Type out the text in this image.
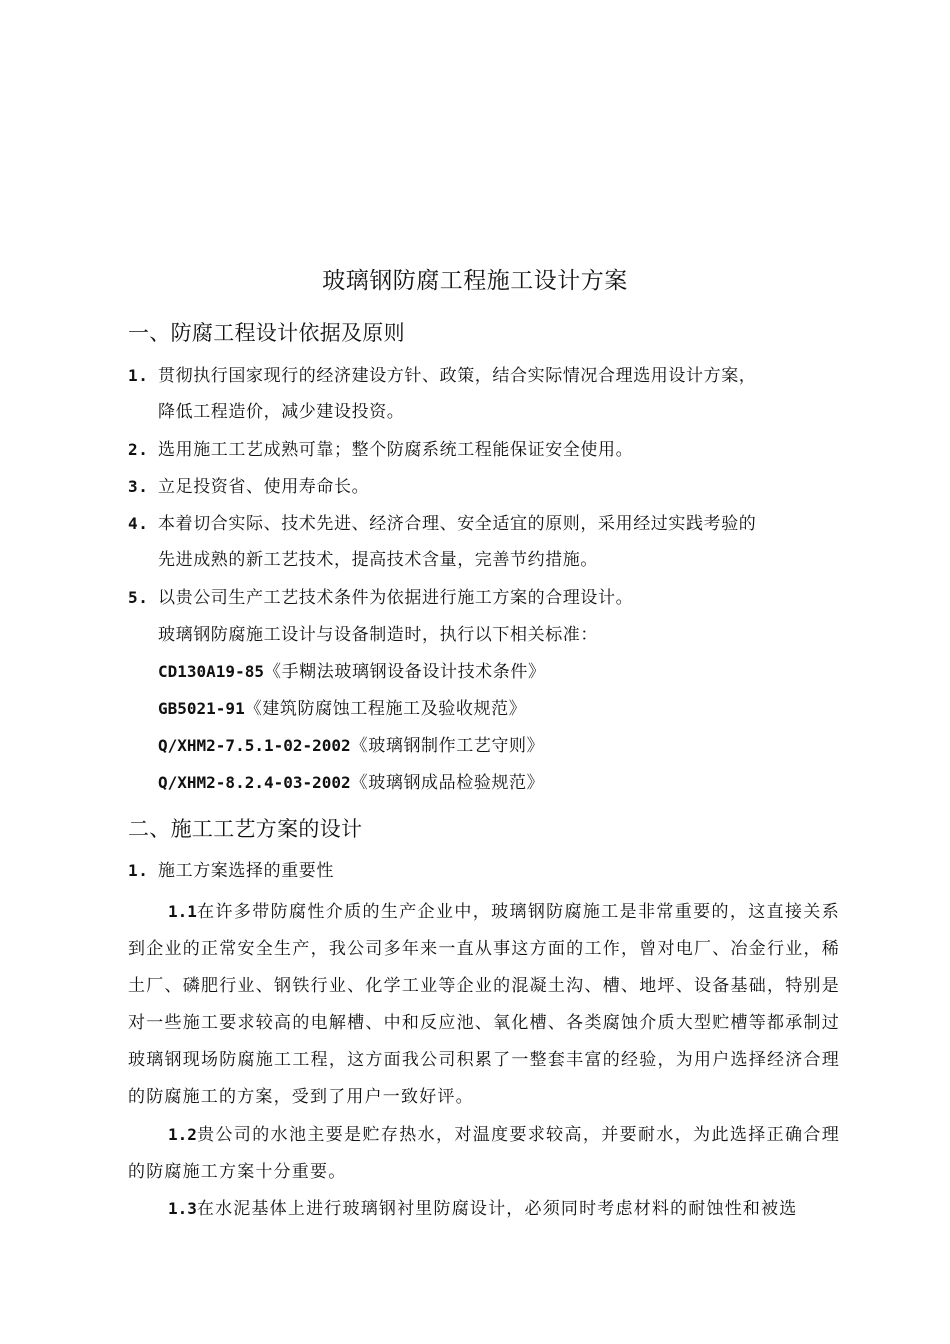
玻璃钢防腐工程施工设计方案
一、防腐工程设计依据及原则
1. 贯彻执行国家现行的经济建设方针、政策，结合实际情况合理选用设计方案，
降低工程造价，减少建设投资。
2. 选用施工工艺成熟可靠；整个防腐系统工程能保证安全使用。
3. 立足投资省、使用寿命长。
4. 本着切合实际、技术先进、经济合理、安全适宜的原则，采用经过实践考验的
先进成熟的新工艺技术，提高技术含量，完善节约措施。
5. 以贵公司生产工艺技术条件为依据进行施工方案的合理设计。
玻璃钢防腐施工设计与设备制造时，执行以下相关标准：
CD130A19-85《手糊法玻璃钢设备设计技术条件》
GB5021-91《建筑防腐蚀工程施工及验收规范》
Q/XHM2-7.5.1-02-2002《玻璃钢制作工艺守则》
Q/XHM2-8.2.4-03-2002《玻璃钢成品检验规范》
二、施工工艺方案的设计
1. 施工方案选择的重要性
1.1在许多带防腐性介质的生产企业中，玻璃钢防腐施工是非常重要的，这直接关系到企业的正常安全生产，我公司多年来一直从事这方面的工作，曾对电厂、冶金行业，稀土厂、磷肥行业、钢铁行业、化学工业等企业的混凝土沟、槽、地坪、设备基础，特别是对一些施工要求较高的电解槽、中和反应池、氧化槽、各类腐蚀介质大型贮槽等都承制过玻璃钢现场防腐施工工程，这方面我公司积累了一整套丰富的经验，为用户选择经济合理的防腐施工的方案，受到了用户一致好评。
1.2贵公司的水池主要是贮存热水，对温度要求较高，并要耐水，为此选择正确合理的防腐施工方案十分重要。
1.3在水泥基体上进行玻璃钢衬里防腐设计，必须同时考虑材料的耐蚀性和被选
